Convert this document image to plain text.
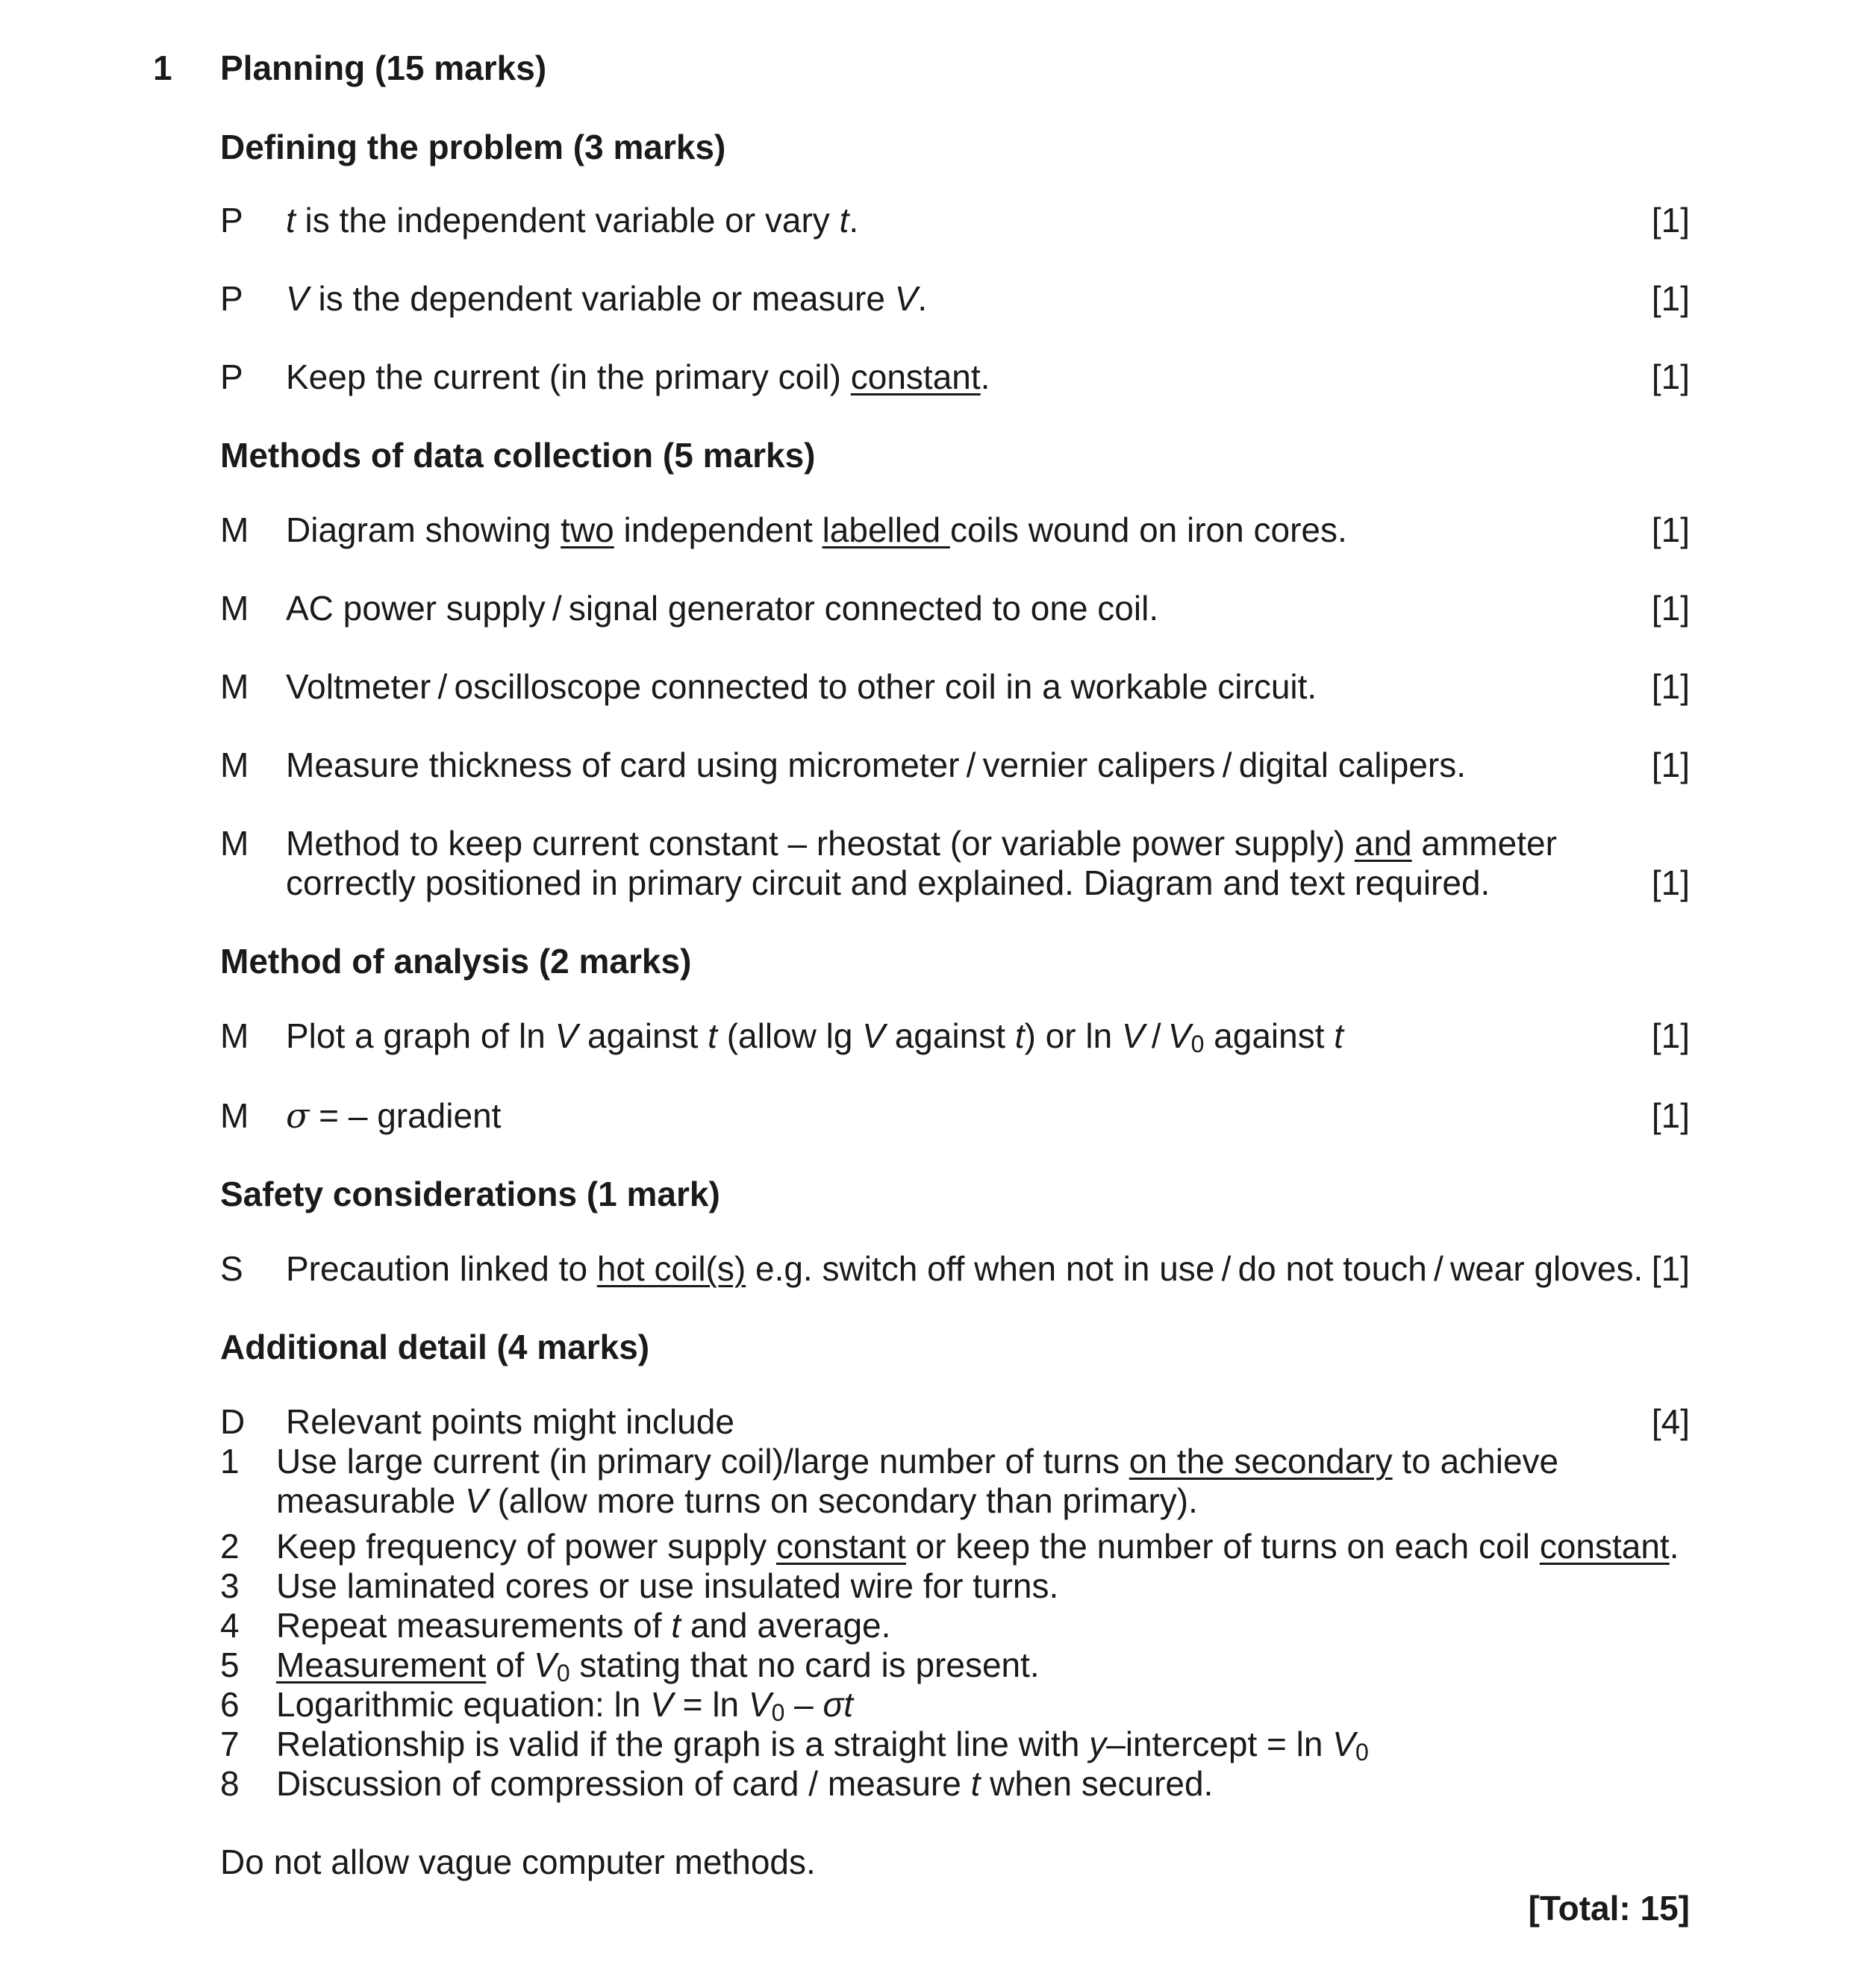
1 Planning (15 marks)
Defining the problem (3 marks)
P t is the independent variable or vary t.	[1]
P V is the dependent variable or measure V.	[1]
P Keep the current (in the primary coil) constant.	[1]
Methods of data collection (5 marks)
M Diagram showing two independent labelled coils wound on iron cores.	[1]
M AC power supply / signal generator connected to one coil.	[1]
M Voltmeter / oscilloscope connected to other coil in a workable circuit.	[1]
M Measure thickness of card using micrometer / vernier calipers / digital calipers.	[1]
M Method to keep current constant – rheostat (or variable power supply) and ammeter
correctly positioned in primary circuit and explained. Diagram and text required.	[1]
Method of analysis (2 marks)
M Plot a graph of ln V against t (allow lg V against t) or ln V / $V_0$ against t	[1]
M σ = – gradient	[1]
Safety considerations (1 mark)
S Precaution linked to hot coil(s) e.g. switch off when not in use / do not touch / wear gloves. [1]
Additional detail (4 marks)
D Relevant points might include	[4]
1 Use large current (in primary coil)/large number of turns on the secondary to achieve
measurable V (allow more turns on secondary than primary).
2 Keep frequency of power supply constant or keep the number of turns on each coil constant.
3 Use laminated cores or use insulated wire for turns.
4 Repeat measurements of t and average.
5 Measurement of $V_0$ stating that no card is present.
6 Logarithmic equation: $\ln V = \ln V_0 - \sigma t$
7 Relationship is valid if the graph is a straight line with y–intercept = $\ln V_0$
8 Discussion of compression of card / measure t when secured.
Do not allow vague computer methods.
[Total: 15]
